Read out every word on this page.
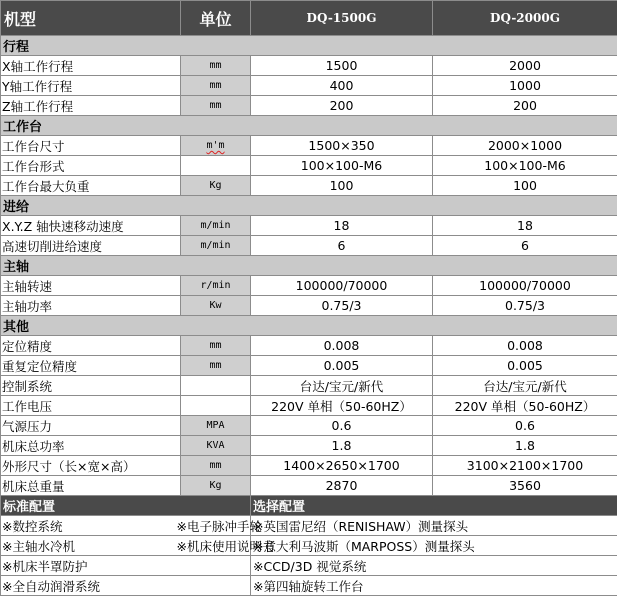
机型	单位	DQ-1500G	DQ-2000G
行程			
X轴工作行程	mm	1500	2000
Y轴工作行程	mm	400	1000
Z轴工作行程	mm	200	200
工作台			
工作台尺寸	m'm	1500×350	2000×1000
工作台形式		100×100-M6	100×100-M6
工作台最大负重	Kg	100	100
进给			
X.Y.Z 轴快速移动速度	m/min	18	18
高速切削进给速度	m/min	6	6
主轴			
主轴转速	r/min	100000/70000	100000/70000
主轴功率	Kw	0.75/3	0.75/3
其他			
定位精度	mm	0.008	0.008
重复定位精度	mm	0.005	0.005
控制系统		台达/宝元/新代	台达/宝元/新代
工作电压		220V 单相（50-60HZ）	220V 单相（50-60HZ）
气源压力	MPA	0.6	0.6
机床总功率	KVA	1.8	1.8
外形尺寸（长×宽×高）	mm	1400×2650×1700	3100×2100×1700
机床总重量	Kg	2870	3560
标准配置		选择配置	
※数控系统	※电子脉冲手轮	※英国雷尼绍（RENISHAW）测量探头	
※主轴水冷机	※机床使用说明书	※意大利马波斯（MARPOSS）测量探头	
※机床半罩防护		※CCD/3D 视觉系统	
※全自动润滑系统		※第四轴旋转工作台	
